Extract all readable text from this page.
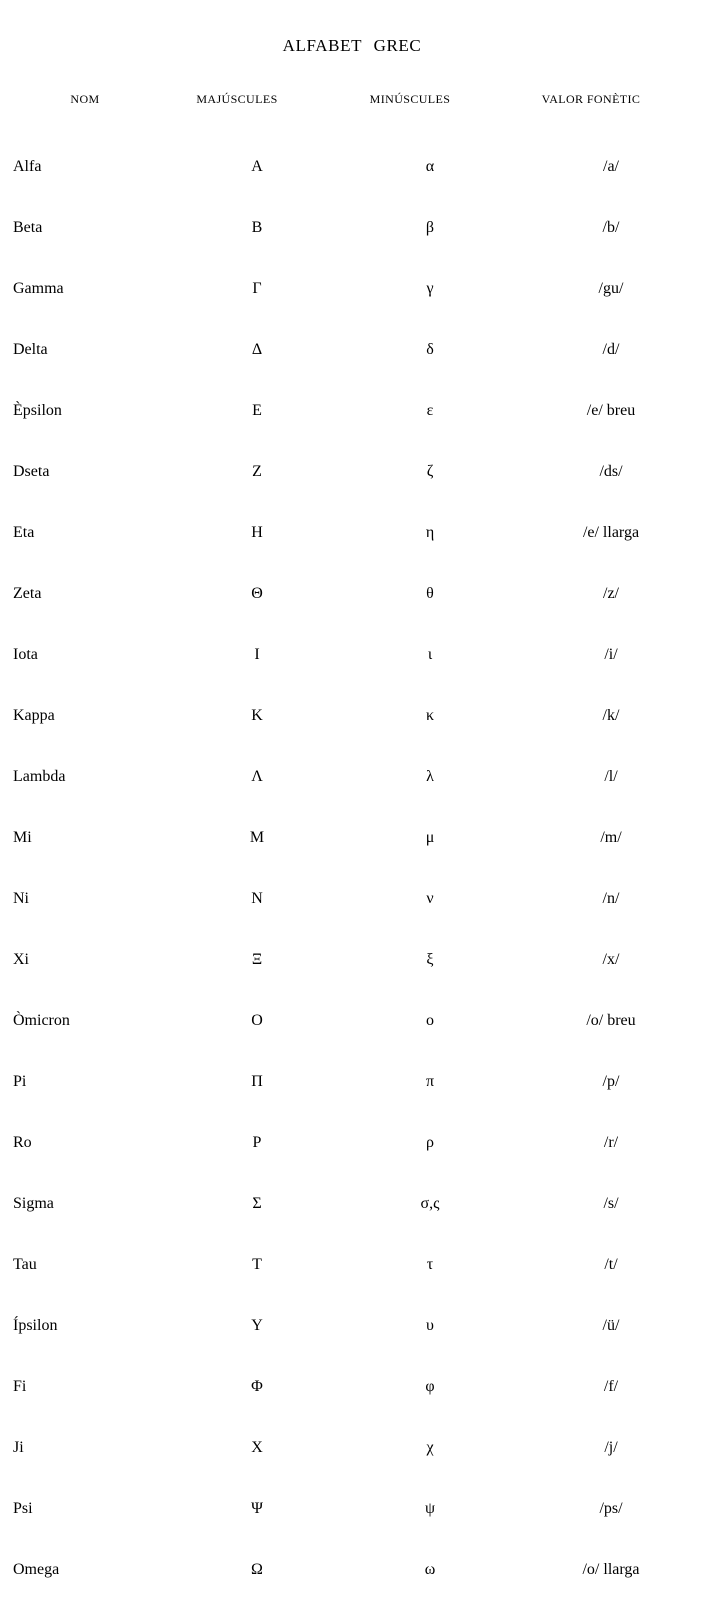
ALFABET GREC
NOM	MAJÚSCULES	MINÚSCULES	VALOR FONÈTIC
Alfa	Α	α	/a/
Beta	Β	β	/b/
Gamma	Γ	γ	/gu/
Delta	Δ	δ	/d/
Èpsilon	Ε	ε	/e/ breu
Dseta	Ζ	ζ	/ds/
Eta	Η	η	/e/ llarga
Zeta	Θ	θ	/z/
Iota	Ι	ι	/i/
Kappa	Κ	κ	/k/
Lambda	Λ	λ	/l/
Mi	Μ	μ	/m/
Ni	Ν	ν	/n/
Xi	Ξ	ξ	/x/
Òmicron	Ο	ο	/o/ breu
Pi	Π	π	/p/
Ro	Ρ	ρ	/r/
Sigma	Σ	σ,ς	/s/
Tau	Τ	τ	/t/
Ípsilon	Υ	υ	/ü/
Fi	Φ	φ	/f/
Ji	Χ	χ	/j/
Psi	Ψ	ψ	/ps/
Omega	Ω	ω	/o/ llarga
